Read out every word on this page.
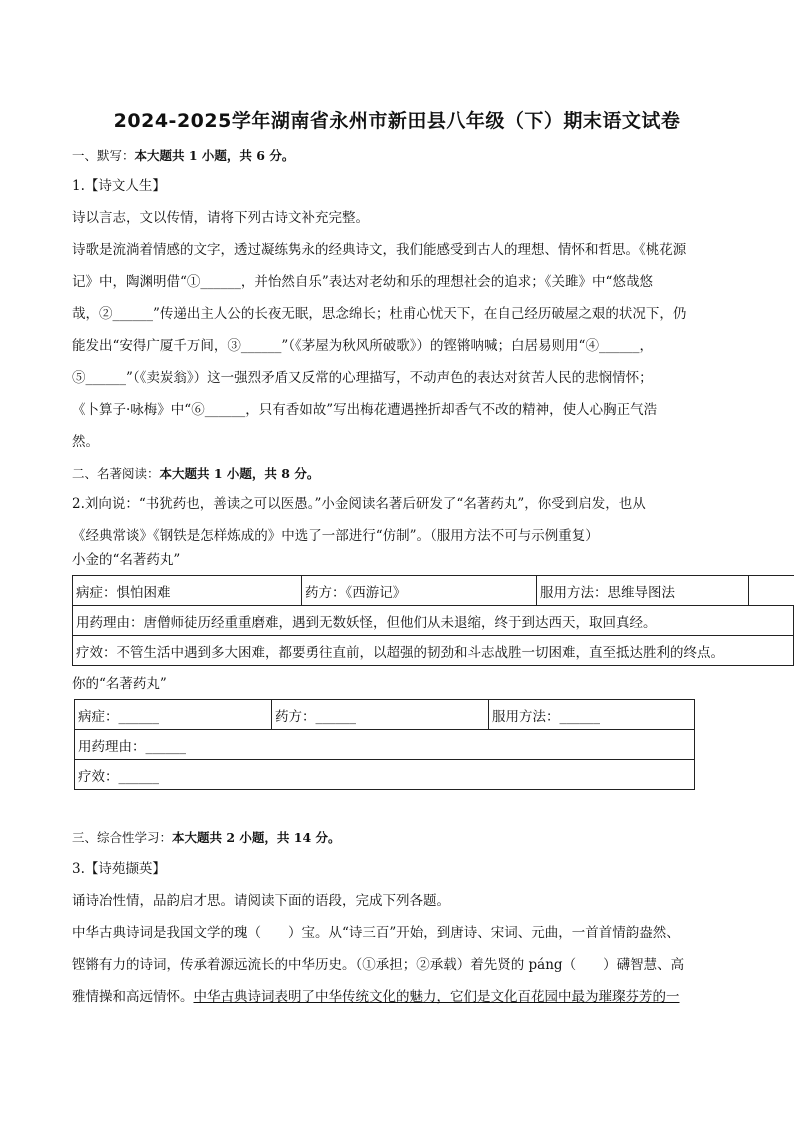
2024-2025学年湖南省永州市新田县八年级（下）期末语文试卷
一、默写：本大题共 1 小题，共 6 分。
1.【诗文人生】
诗以言志，文以传情，请将下列古诗文补充完整。
诗歌是流淌着情感的文字，透过凝练隽永的经典诗文，我们能感受到古人的理想、情怀和哲思。《桃花源
记》中，陶渊明借“①______，并怡然自乐”表达对老幼和乐的理想社会的追求；《关雎》中“悠哉悠
哉，②______”传递出主人公的长夜无眠，思念绵长；杜甫心忧天下，在自己经历破屋之艰的状况下，仍
能发出“安得广厦千万间，③______”（《茅屋为秋风所破歌》）的铿锵呐喊；白居易则用“④______，
⑤______”（《卖炭翁》）这一强烈矛盾又反常的心理描写，不动声色的表达对贫苦人民的悲悯情怀；
《卜算子·咏梅》中“⑥______，只有香如故”写出梅花遭遇挫折却香气不改的精神，使人心胸正气浩
然。
二、名著阅读：本大题共 1 小题，共 8 分。
2.刘向说：“书犹药也，善读之可以医愚。”小金阅读名著后研发了“名著药丸”，你受到启发，也从
《经典常谈》《钢铁是怎样炼成的》中选了一部进行“仿制”。（服用方法不可与示例重复）
小金的“名著药丸”
病症：惧怕困难	药方：《西游记》	服用方法：思维导图法	
用药理由：唐僧师徒历经重重磨难，遇到无数妖怪，但他们从未退缩，终于到达西天，取回真经。
疗效：不管生活中遇到多大困难，都要勇往直前，以超强的韧劲和斗志战胜一切困难，直至抵达胜利的终点。
你的“名著药丸”
病症：______	药方：______	服用方法：______
用药理由：______
疗效：______
三、综合性学习：本大题共 2 小题，共 14 分。
3.【诗苑撷英】
诵诗冶性情，品韵启才思。请阅读下面的语段，完成下列各题。
中华古典诗词是我国文学的瑰（　　）宝。从“诗三百”开始，到唐诗、宋词、元曲，一首首情韵盎然、
铿锵有力的诗词，传承着源远流长的中华历史。（①承担；②承载）着先贤的 páng（　　）礴智慧、高
雅情操和高远情怀。中华古典诗词表明了中华传统文化的魅力，它们是文化百花园中最为璀璨芬芳的一
